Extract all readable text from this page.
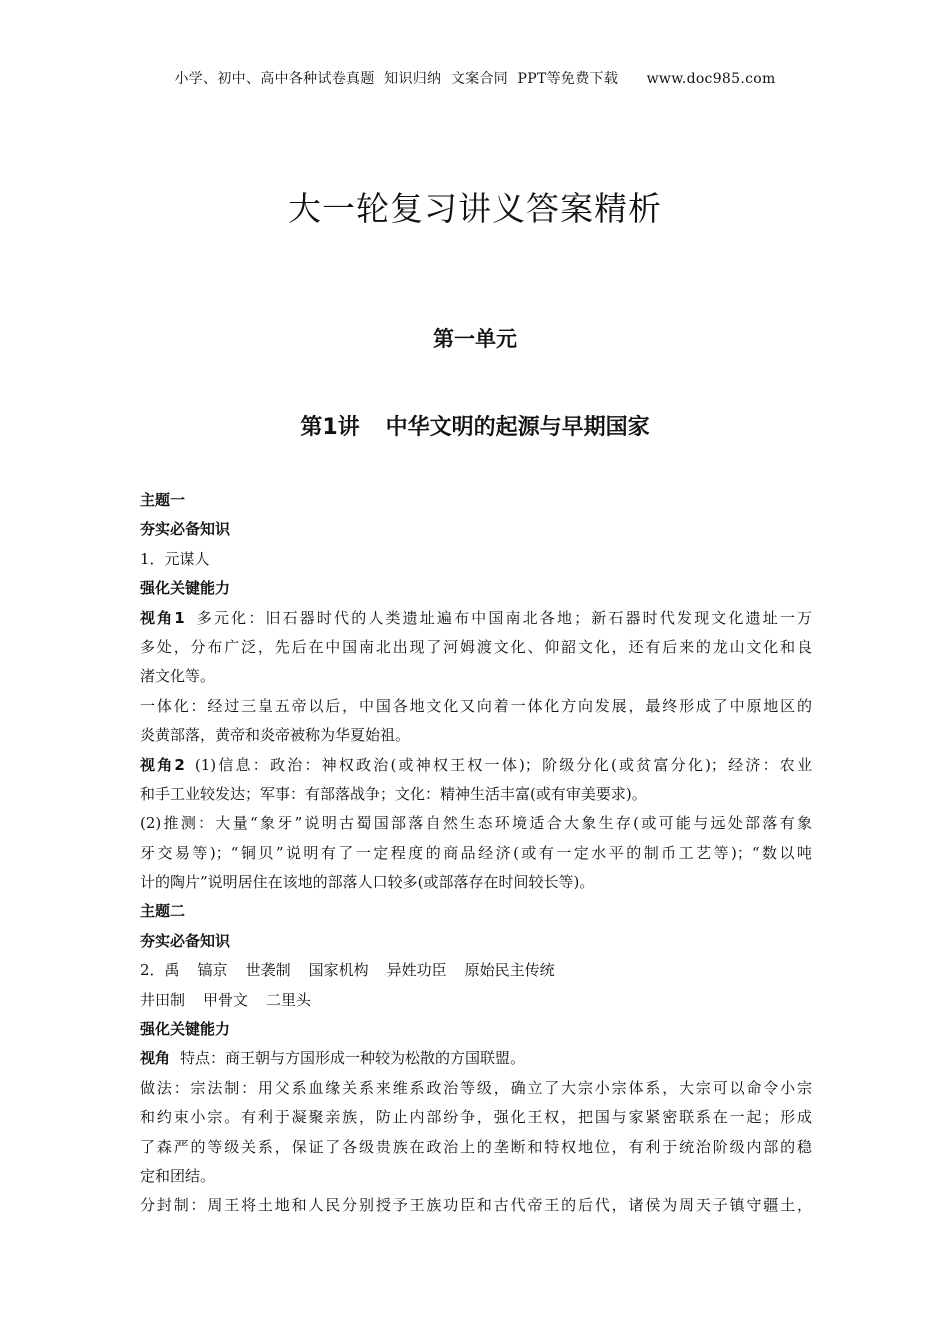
小学、初中、高中各种试卷真题  知识归纳  文案合同  PPT等免费下载      www.doc985.com
大一轮复习讲义答案精析
第一单元
第1讲 中华文明的起源与早期国家
主题一
夯实必备知识
1．元谋人
强化关键能力
视角1 多元化：旧石器时代的人类遗址遍布中国南北各地；新石器时代发现文化遗址一万
多处，分布广泛，先后在中国南北出现了河姆渡文化、仰韶文化，还有后来的龙山文化和良
渚文化等。
一体化：经过三皇五帝以后，中国各地文化又向着一体化方向发展，最终形成了中原地区的
炎黄部落，黄帝和炎帝被称为华夏始祖。
视角2 (1)信息：政治：神权政治(或神权王权一体)；阶级分化(或贫富分化)；经济：农业
和手工业较发达；军事：有部落战争；文化：精神生活丰富(或有审美要求)。
(2)推测：大量“象牙”说明古蜀国部落自然生态环境适合大象生存(或可能与远处部落有象
牙交易等)；“铜贝”说明有了一定程度的商品经济(或有一定水平的制币工艺等)；“数以吨
计的陶片”说明居住在该地的部落人口较多(或部落存在时间较长等)。
主题二
夯实必备知识
2．禹 镐京 世袭制 国家机构 异姓功臣 原始民主传统
井田制 甲骨文 二里头
强化关键能力
视角 特点：商王朝与方国形成一种较为松散的方国联盟。
做法：宗法制：用父系血缘关系来维系政治等级，确立了大宗小宗体系，大宗可以命令小宗
和约束小宗。有利于凝聚亲族，防止内部纷争，强化王权，把国与家紧密联系在一起；形成
了森严的等级关系，保证了各级贵族在政治上的垄断和特权地位，有利于统治阶级内部的稳
定和团结。
分封制：周王将土地和人民分别授予王族功臣和古代帝王的后代，诸侯为周天子镇守疆土，
